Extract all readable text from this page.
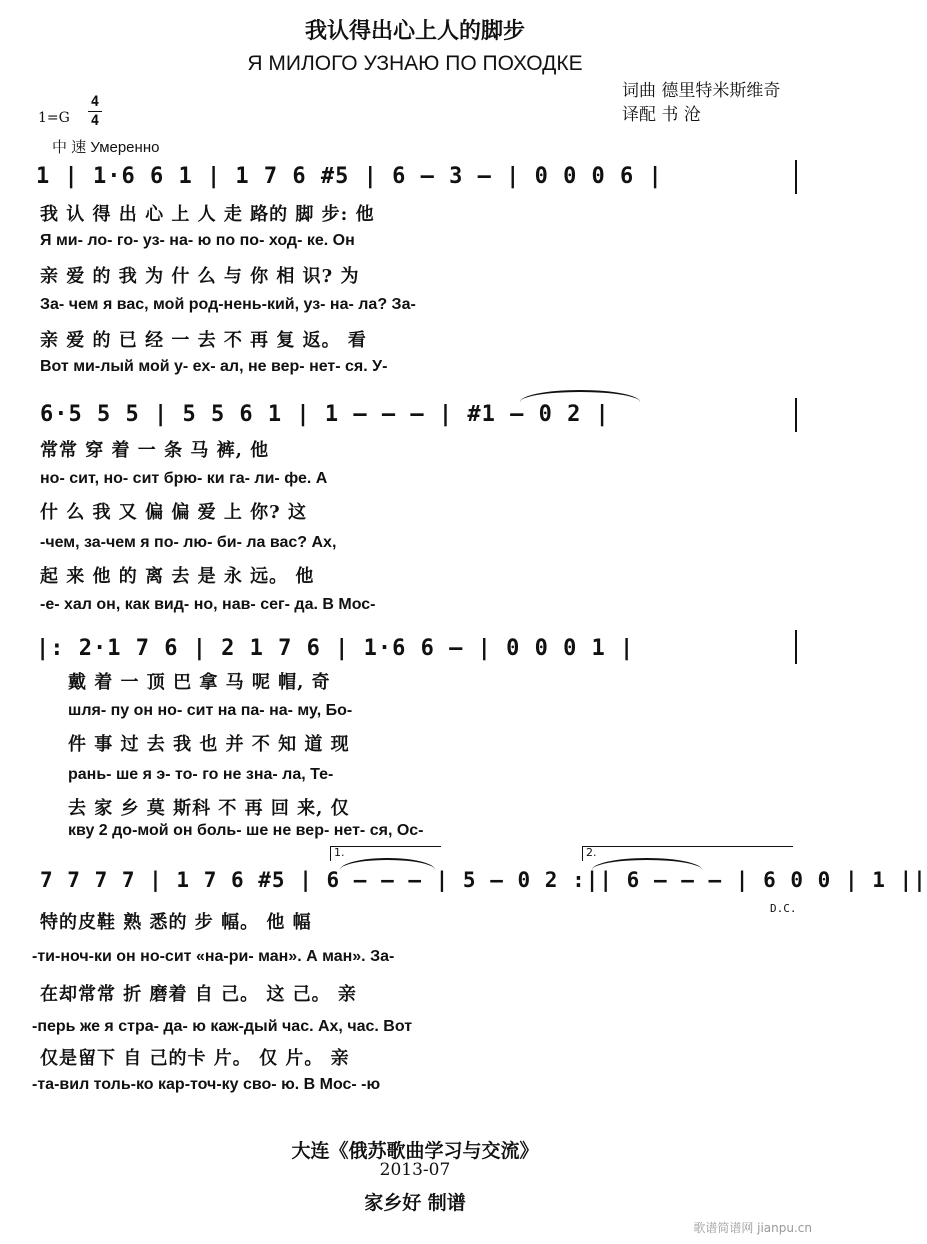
我认得出心上人的脚步
Я МИЛОГО УЗНАЮ ПО ПОХОДКЕ
词曲 德里特米斯维奇
译配 书 沧
1=G
4
4
中 速 Умеренно
1 | 1·6 6 1 | 1 7 6 #5 | 6 – 3 – | 0 0 0 6 |
我 认 得 出 心 上 人 走 路的 脚 步: 他
Я ми- ло- го- уз- на- ю по по- ход- ке. Он
亲 爱 的 我 为 什 么 与 你 相 识? 为
За- чем я вас, мой род-нень-кий, уз- на- ла? За-
亲 爱 的 已 经 一 去 不 再 复 返。 看
Вот ми-лый мой у- ех- ал, не вер- нет- ся. У-
6·5 5 5 | 5 5 6 1 | 1 – – – | #1 – 0 2 |
常常 穿 着 一 条 马 裤, 他
но- сит, но- сит брю- ки га- ли- фе. А
什 么 我 又 偏 偏 爱 上 你? 这
-чем, за-чем я по- лю- би- ла вас? Ах,
起 来 他 的 离 去 是 永 远。 他
-е- хал он, как вид- но, нав- сег- да. В Мос-
|: 2·1 7 6 | 2 1 7 6 | 1·6 6 – | 0 0 0 1 |
戴 着 一 顶 巴 拿 马 呢 帽, 奇
шля- пу он но- сит на па- на- му, Бо-
件 事 过 去 我 也 并 不 知 道 现
рань- ше я э- то- го не зна- ла, Те-
去 家 乡 莫 斯科 不 再 回 来, 仅
кву 2 до-мой он боль- ше не вер- нет- ся, Ос-
1.	2.
7 7 7 7 | 1 7 6 #5 | 6 – – – | 5 – 0 2 :|| 6 – – – | 6 0 0 | 1 ||
D.C.
特的皮鞋 熟 悉的 步 幅。 他 幅
-ти-ноч-ки он но-сит «на-ри- ман». А ман». За-
在却常常 折 磨着 自 己。 这 己。 亲
-перь же я стра- да- ю каж-дый час. Ах, час. Вот
仅是留下 自 己的卡 片。 仅 片。 亲
-та-вил толь-ко кар-точ-ку сво- ю. В Мос- -ю
大连《俄苏歌曲学习与交流》
2013-07
家乡好 制谱
歌谱简谱网 jianpu.cn
